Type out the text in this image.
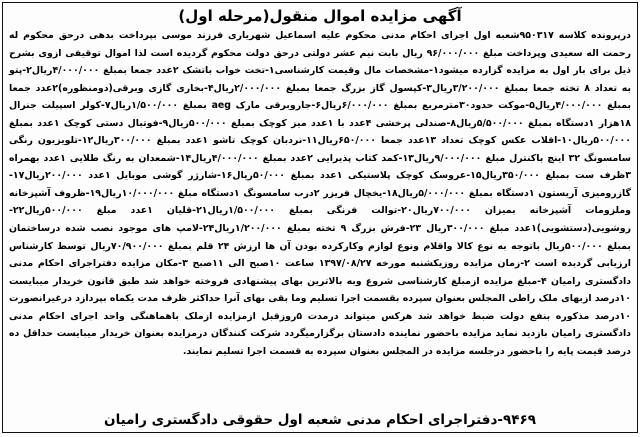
آگهی مزایده اموال منقول(مرحله اول)
درپرونده کلاسه ۹۵۰۳۱۷شعبه اول اجرای احکام مدنی محکوم علیه اسماعیل شهریاری فرزند موسی بپرداخت بدهی درحق محکوم له رحمت اله سعیدی وپرداخت مبلغ ۹۶/۰۰۰/۰۰۰ ریال بابت نیم عشر دولتی درحق دولت محکوم گردیده است لذا اموال توقیفی ازوی بشرح ذیل برای بار اول به مزایده گزارده میشود۱-مشخصات مال وقیمت کارشناسی۱-تخت خواب باتشک ۲عدد جمعا بمبلغ ۴/۰۰۰/۰۰۰ریال۲-پتو به تعداد ۸ تخته جمعا بمبلغ ۳/۲۰۰/۰۰۰ریال۳-کپسول گاز بزرگ جمعا بمبلغ ۲/۰۰۰/۰۰۰ریال۴-بخاری گازی وبرقی(دومنظوره)۲عدد جمعا بمبلغ ۴/۰۰۰/۰۰۰ریال۵-موکت حدود۳۰مترمربع بمبلغ ۶/۰۰۰/۰۰۰ریال۶-جاروبرقی مارک aeg بمبلغ ۱/۵۰۰/۰۰۰ریال۷-کولر اسپیلت جنرال ۱۸هزار ۱دستگاه بمبلغ ۵/۵۰۰/۰۰۰ریال۸-صندلی پرخشی ۴عدد با ۱عدد میز کوچک بمبلغ ۵۰۰/۰۰۰ریال۹-فوتبال دستی کوچک ۱عدد بمبلغ ۵۰۰/۰۰۰ریال۱۰-اقلاب عکس کوچک تعداد ۱۳عدد جمعا ۶۵۰/۰۰۰ریال۱۱-نردبان کوچک تاشو ۱عدد بمبلغ ۳۰۰/۰۰۰ریال۱۲-تلویزیون رنگی سامسونگ ۳۲ اینچ باکنترل مبلغ ۹/۰۰۰/۰۰۰ریال۱۳-کمد کتاب پذیرایی ۲عدد بمبلغ ۴/۰۰۰/۰۰۰ریال۱۴-شمعدان به رنگ طلایی ۱عدد بهمراه ۳ظرف ست بمبلغ ۳۵۰/۰۰۰ریال۱۵-عروسک کوچک پلاستیکی ۱عدد بمبلغ ۵۰/۰۰۰ریال۱۶-شارژر گوشی موبایل ۱عدد ۲۰۰/۰۰۰ریال۱۷-گازرومیزی آریستون ۱دستگاه بمبلغ ۵/۰۰۰/۰۰۰ریال۱۸-یخچال فریزر ۲درب سامسونگ ۱دستگاه مبلغ ۱۰/۰۰۰/۰۰۰ریال۱۹-ظروف آشپزخانه وملزومات آشپزخانه بمیزان ۷۰۰/۰۰۰ریال۲۰-توالت فرنگی بمبلغ ۱/۵۰۰/۰۰۰ریال۲۱-قلیان ۱عدد مبلغ ۵۰۰/۰۰۰ریال۲۲-روشویی(دستشویی)۱عدد مبلغ ۳۰۰/۰۰۰ریال ۲۳-فرش بزرگ ۹ تخته بمبلغ ۱/۲۰۰/۰۰۰ریال۲۴-لامپ های موجود نصب شده درساختمان بمبلغ ۵۰۰/۰۰۰ریال باتوجه به نوع کالا واقلام ونوع لوازم وکارکرده بودن آن ها ارزش ۲۴ قلم بمبلغ ۷۰/۹۰۰/۰۰۰ریال توسط کارشناس ارزیابی گردیده است ۲-زمان مزایده روزیکشنبه مورخه ۱۳۹۷/۰۸/۲۷ ساعت ۱۰صبح الی ۱۱صبح ۳-مکان مزایده دفتراجرای احکام مدنی دادگستری رامیان ۴-مبلغ مزایده ازمبلغ کارشناسی شروع وبه بالاترین بهای پیشنهادی فروخته خواهد شد طبق قانون خریدار میبایست ۱۰درصد ازبهای ملک راطی المجلس بعنوان سپرده بقسمت اجرا تسلیم وما بقی بهای آنرا حداکثر ظرف مدت یکماه بپردازد درغیرانصورت ۱۰درصد مذکوره بنفع دولت ضبط خواهد شد هرکس میتواند درمدت ۵روزقبل ازمزایده ازملک باهماهنگی واحد اجرای احکام مدنی دادگستری رامیان بازدید نماید مزایده باحضور نماینده دادستان برگزارمیگردد شرکت کنندگان درمزایده بعنوان خریدار میبایست حداقل ده درصد قیمت پایه را باحضور درجلسه مزایده در المجلس بعنوان سپرده به قسمت اجرا تسلیم نمایند.
۹۴۶۹-دفتراجرای احکام مدنی شعبه اول حقوقی دادگستری رامیان
